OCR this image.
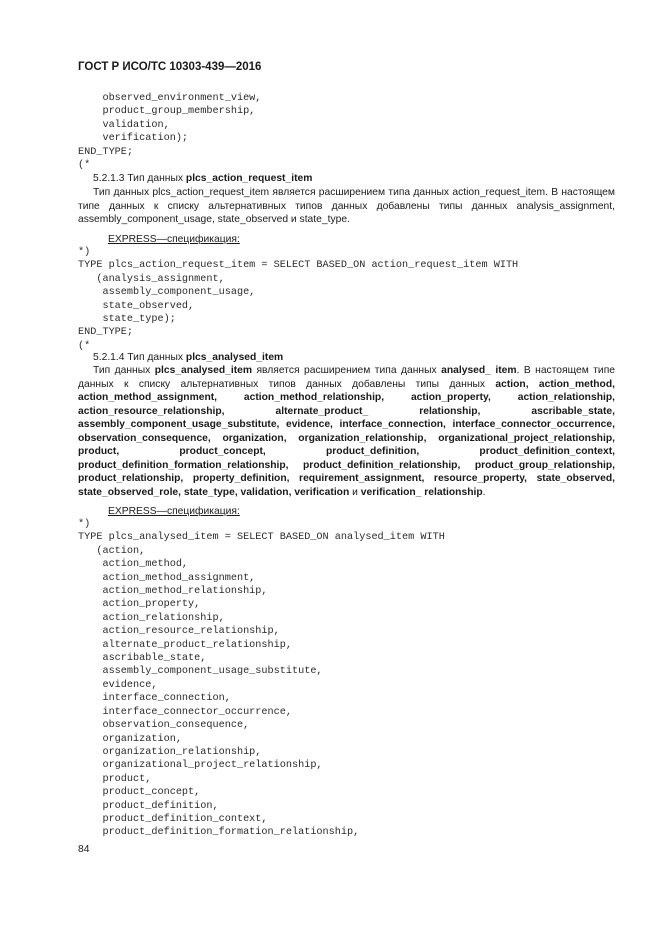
ГОСТ Р ИСО/ТС 10303-439—2016
observed_environment_view,
product_group_membership,
validation,
verification);
END_TYPE;
(*

5.2.1.3 Тип данных plcs_action_request_item

Тип данных plcs_action_request_item является расширением типа данных action_request_item. В настоящем типе данных к списку альтернативных типов данных добавлены типы данных analysis_assignment, assembly_component_usage, state_observed и state_type.

EXPRESS—спецификация:

*)
TYPE plcs_action_request_item = SELECT BASED_ON action_request_item WITH
(analysis_assignment,
assembly_component_usage,
state_observed,
state_type);
END_TYPE;
(*

5.2.1.4 Тип данных plcs_analysed_item

Тип данных plcs_analysed_item является расширением типа данных analysed_ item. В настоящем типе данных к списку альтернативных типов данных добавлены типы данных action, action_method, action_method_assignment, action_method_relationship, action_property, action_relationship, action_resource_relationship, alternate_product_ relationship, ascribable_state, assembly_component_usage_substitute, evidence, interface_connection, interface_connector_occurrence, observation_consequence, organization, organization_relationship, organizational_project_relationship, product, product_concept, product_definition, product_definition_context, product_definition_formation_relationship, product_definition_relationship, product_group_relationship, product_relationship, property_definition, requirement_assignment, resource_property, state_observed, state_observed_role, state_type, validation, verification и verification_ relationship.

EXPRESS—спецификация:

*)
TYPE plcs_analysed_item = SELECT BASED_ON analysed_item WITH
(action,
action_method,
action_method_assignment,
action_method_relationship,
action_property,
action_relationship,
action_resource_relationship,
alternate_product_relationship,
ascribable_state,
assembly_component_usage_substitute,
evidence,
interface_connection,
interface_connector_occurrence,
observation_consequence,
organization,
organization_relationship,
organizational_project_relationship,
product,
product_concept,
product_definition,
product_definition_context,
product_definition_formation_relationship,
84
